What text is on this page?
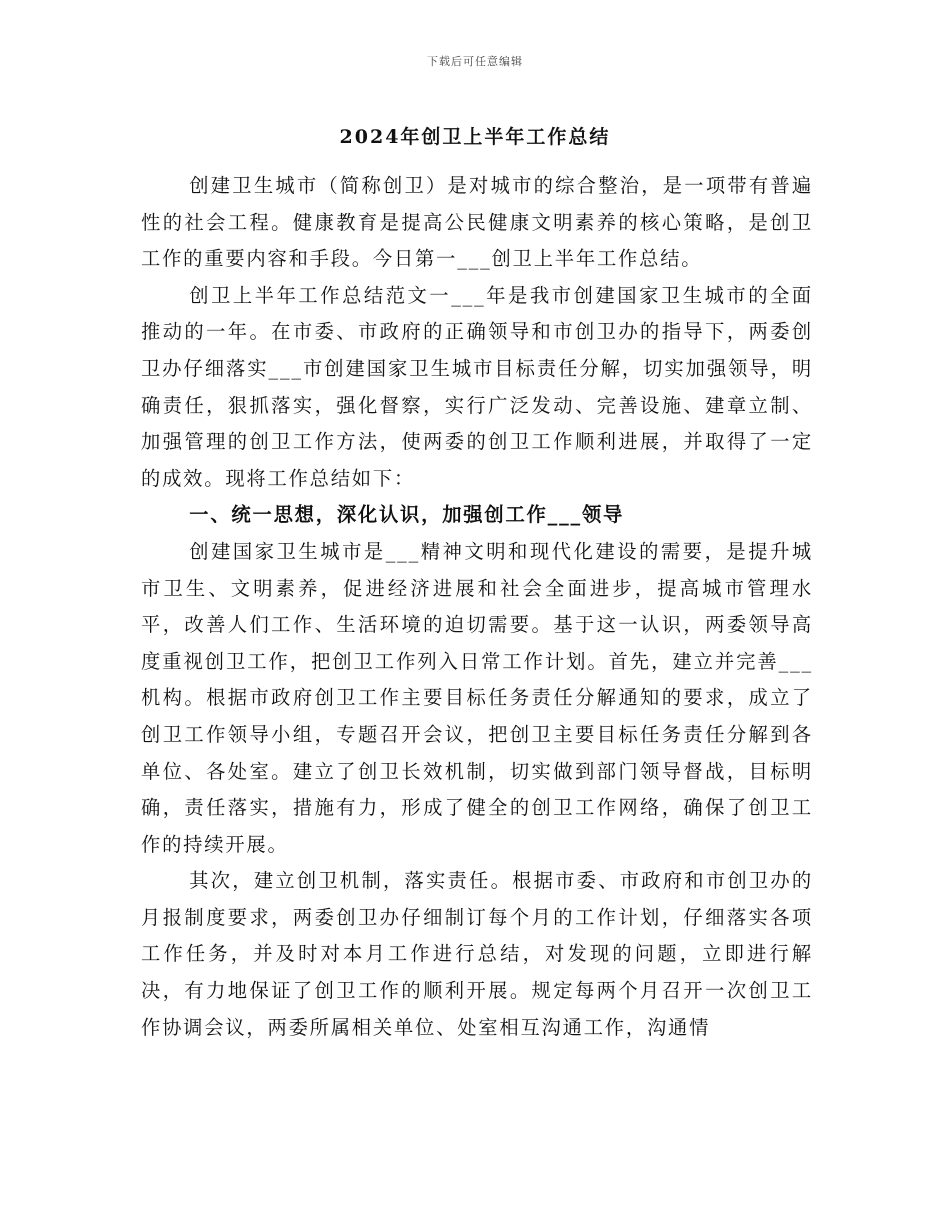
下载后可任意编辑
2024年创卫上半年工作总结

创建卫生城市（简称创卫）是对城市的综合整治，是一项带有普遍性的社会工程。健康教育是提高公民健康文明素养的核心策略，是创卫工作的重要内容和手段。今日第一___创卫上半年工作总结。

创卫上半年工作总结范文一___年是我市创建国家卫生城市的全面推动的一年。在市委、市政府的正确领导和市创卫办的指导下，两委创卫办仔细落实___市创建国家卫生城市目标责任分解，切实加强领导，明确责任，狠抓落实，强化督察，实行广泛发动、完善设施、建章立制、加强管理的创卫工作方法，使两委的创卫工作顺利进展，并取得了一定的成效。现将工作总结如下：

一、统一思想，深化认识，加强创工作___领导

创建国家卫生城市是___精神文明和现代化建设的需要，是提升城市卫生、文明素养，促进经济进展和社会全面进步，提高城市管理水平，改善人们工作、生活环境的迫切需要。基于这一认识，两委领导高度重视创卫工作，把创卫工作列入日常工作计划。首先，建立并完善___机构。根据市政府创卫工作主要目标任务责任分解通知的要求，成立了创卫工作领导小组，专题召开会议，把创卫主要目标任务责任分解到各单位、各处室。建立了创卫长效机制，切实做到部门领导督战，目标明确，责任落实，措施有力，形成了健全的创卫工作网络，确保了创卫工作的持续开展。

其次，建立创卫机制，落实责任。根据市委、市政府和市创卫办的月报制度要求，两委创卫办仔细制订每个月的工作计划，仔细落实各项工作任务，并及时对本月工作进行总结，对发现的问题，立即进行解决，有力地保证了创卫工作的顺利开展。规定每两个月召开一次创卫工作协调会议，两委所属相关单位、处室相互沟通工作，沟通情
